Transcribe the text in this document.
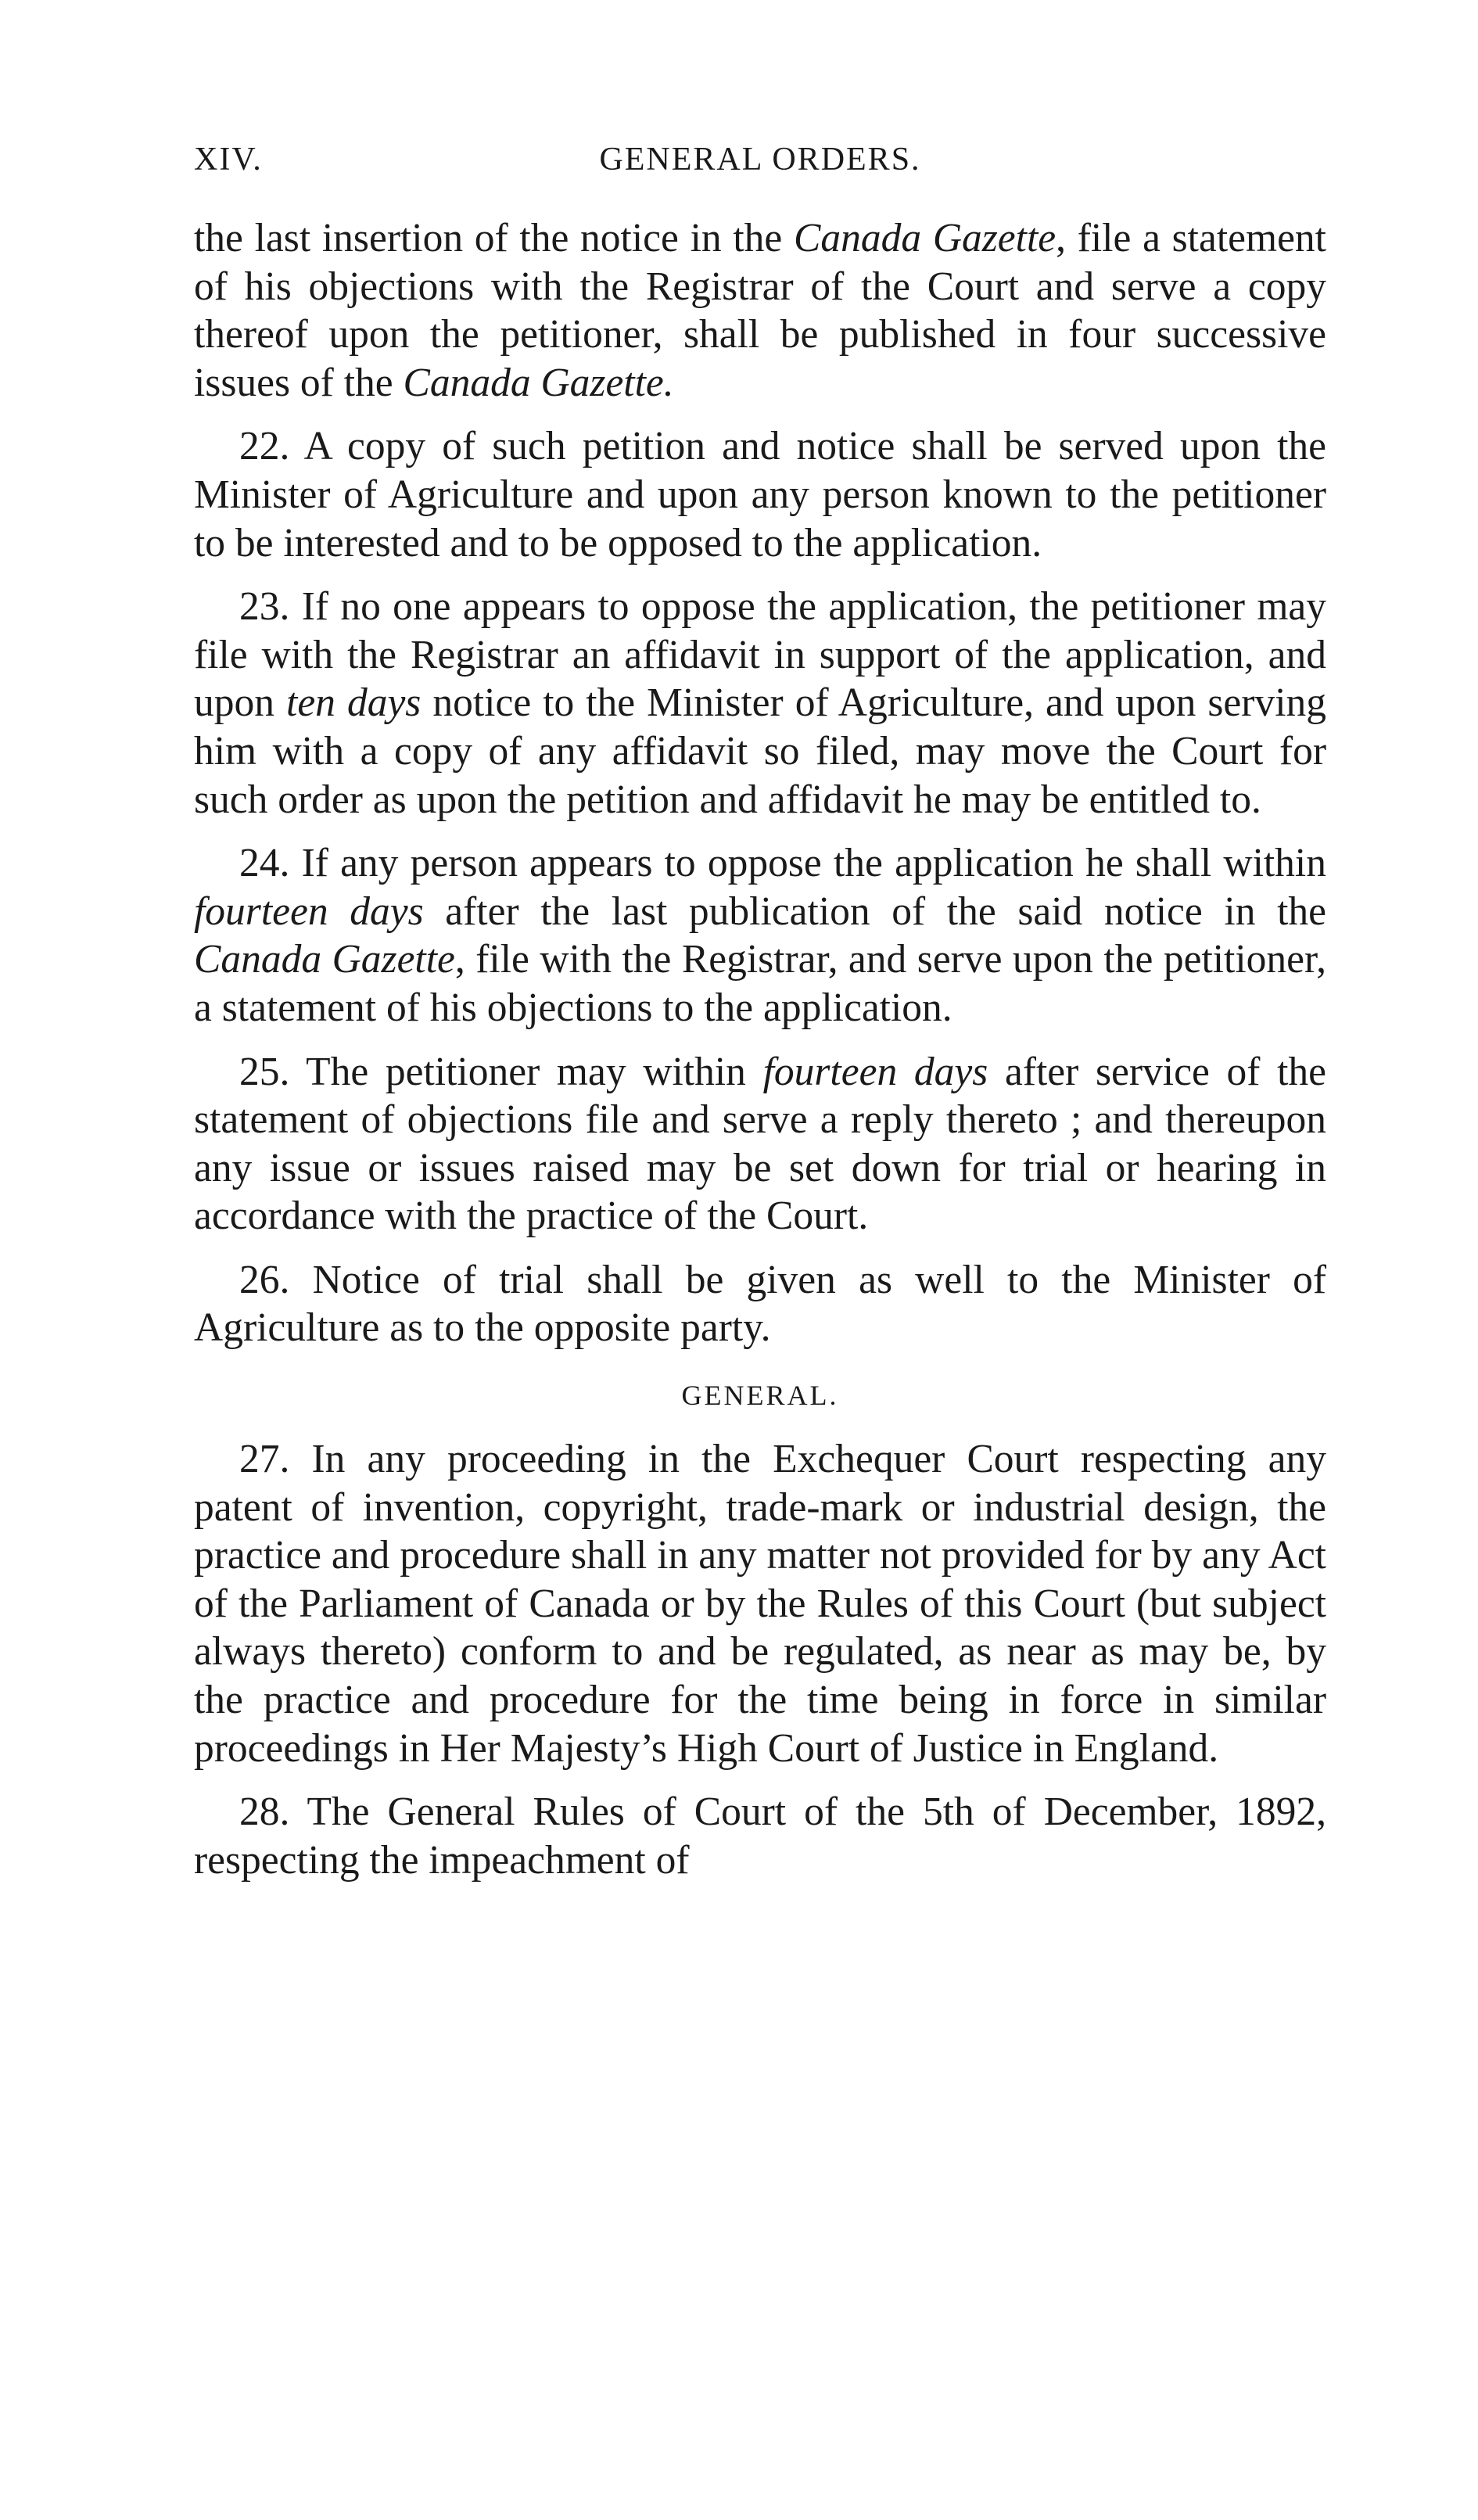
XIV.	GENERAL ORDERS.

the last insertion of the notice in the Canada Gazette, file a statement of his objections with the Registrar of the Court and serve a copy thereof upon the petitioner, shall be published in four successive issues of the Canada Gazette.

22. A copy of such petition and notice shall be served upon the Minister of Agriculture and upon any person known to the petitioner to be interested and to be opposed to the application.

23. If no one appears to oppose the application, the petitioner may file with the Registrar an affidavit in support of the application, and upon ten days notice to the Minister of Agriculture, and upon serving him with a copy of any affidavit so filed, may move the Court for such order as upon the petition and affidavit he may be entitled to.

24. If any person appears to oppose the application he shall within fourteen days after the last publication of the said notice in the Canada Gazette, file with the Registrar, and serve upon the petitioner, a statement of his objections to the application.

25. The petitioner may within fourteen days after service of the statement of objections file and serve a reply thereto ; and thereupon any issue or issues raised may be set down for trial or hearing in accordance with the practice of the Court.

26. Notice of trial shall be given as well to the Minister of Agriculture as to the opposite party.

GENERAL.

27. In any proceeding in the Exchequer Court respecting any patent of invention, copyright, trade-mark or industrial design, the practice and procedure shall in any matter not provided for by any Act of the Parliament of Canada or by the Rules of this Court (but subject always thereto) conform to and be regulated, as near as may be, by the practice and procedure for the time being in force in similar proceedings in Her Majesty’s High Court of Justice in England.

28. The General Rules of Court of the 5th of December, 1892, respecting the impeachment of
